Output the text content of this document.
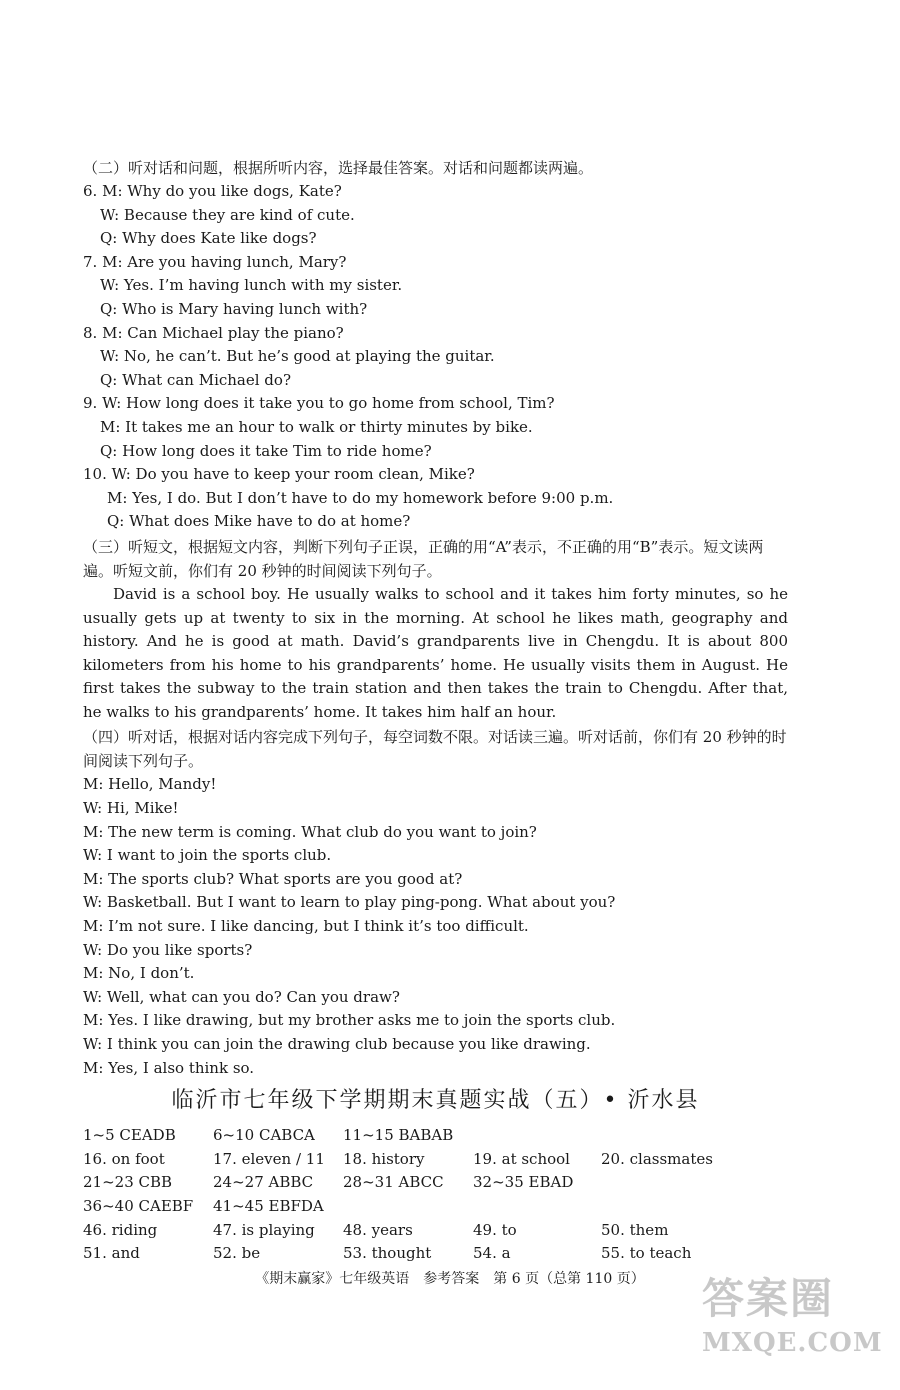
（二）听对话和问题，根据所听内容，选择最佳答案。对话和问题都读两遍。
6. M: Why do you like dogs, Kate?
W: Because they are kind of cute.
Q: Why does Kate like dogs?
7. M: Are you having lunch, Mary?
W: Yes. I’m having lunch with my sister.
Q: Who is Mary having lunch with?
8. M: Can Michael play the piano?
W: No, he can’t. But he’s good at playing the guitar.
Q: What can Michael do?
9. W: How long does it take you to go home from school, Tim?
M: It takes me an hour to walk or thirty minutes by bike.
Q: How long does it take Tim to ride home?
10. W: Do you have to keep your room clean, Mike?
M: Yes, I do. But I don’t have to do my homework before 9:00 p.m.
Q: What does Mike have to do at home?
（三）听短文，根据短文内容，判断下列句子正误，正确的用“A”表示，不正确的用“B”表示。短文读两遍。听短文前，你们有 20 秒钟的时间阅读下列句子。

David is a school boy. He usually walks to school and it takes him forty minutes, so he usually gets up at twenty to six in the morning. At school he likes math, geography and history. And he is good at math. David’s grandparents live in Chengdu. It is about 800 kilometers from his home to his grandparents’ home. He usually visits them in August. He first takes the subway to the train station and then takes the train to Chengdu. After that, he walks to his grandparents’ home. It takes him half an hour.

（四）听对话，根据对话内容完成下列句子，每空词数不限。对话读三遍。听对话前，你们有 20 秒钟的时间阅读下列句子。
M: Hello, Mandy!
W: Hi, Mike!
M: The new term is coming. What club do you want to join?
W: I want to join the sports club.
M: The sports club? What sports are you good at?
W: Basketball. But I want to learn to play ping-pong. What about you?
M: I’m not sure. I like dancing, but I think it’s too difficult.
W: Do you like sports?
M: No, I don’t.
W: Well, what can you do? Can you draw?
M: Yes. I like drawing, but my brother asks me to join the sports club.
W: I think you can join the drawing club because you like drawing.
M: Yes, I also think so.
临沂市七年级下学期期末真题实战（五）• 沂水县
1~5 CEADB	6~10 CABCA	11~15 BABAB
16. on foot	17. eleven / 11	18. history	19. at school	20. classmates
21~23 CBB	24~27 ABBC	28~31 ABCC	32~35 EBAD
36~40 CAEBF	41~45 EBFDA
46. riding	47. is playing	48. years	49. to	50. them
51. and	52. be	53. thought	54. a	55. to teach
《期末赢家》七年级英语　参考答案　第 6 页（总第 110 页）	答案圈
MXQE.COM
